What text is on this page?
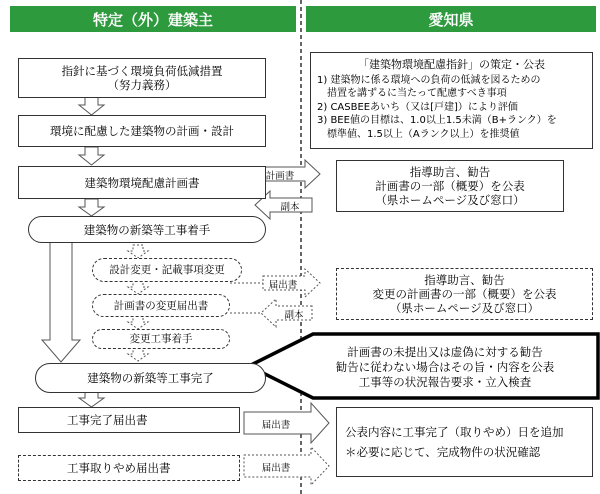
特定（外）建築主	愛知県
指針に基づく環境負荷低減措置
（努力義務）
環境に配慮した建築物の計画・設計
建築物環境配慮計画書
建築物の新築等工事着手
設計変更・記載事項変更
計画書の変更届出書
変更工事着手
建築物の新築等工事完了
工事完了届出書
工事取りやめ届出書
「建築物環境配慮指針」の策定・公表
1) 建築物に係る環境への負荷の低減を図るための
　措置を講ずるに当たって配慮すべき事項
2) CASBEEあいち（又は[戸建]）により評価
3) BEE値の目標は、1.0以上1.5未満（B+ランク）を
　標準値、1.5以上（Aランク以上）を推奨値
指導助言、勧告
計画書の一部（概要）を公表
（県ホームページ及び窓口）
指導助言、勧告
変更の計画書の一部（概要）を公表
（県ホームページ及び窓口）
計画書の未提出又は虚偽に対する勧告
勧告に従わない場合はその旨・内容を公表
工事等の状況報告要求・立入検査
公表内容に工事完了（取りやめ）日を追加
＊必要に応じて、完成物件の状況確認
計画書
副本
届出書
副本
届出書
届出書
